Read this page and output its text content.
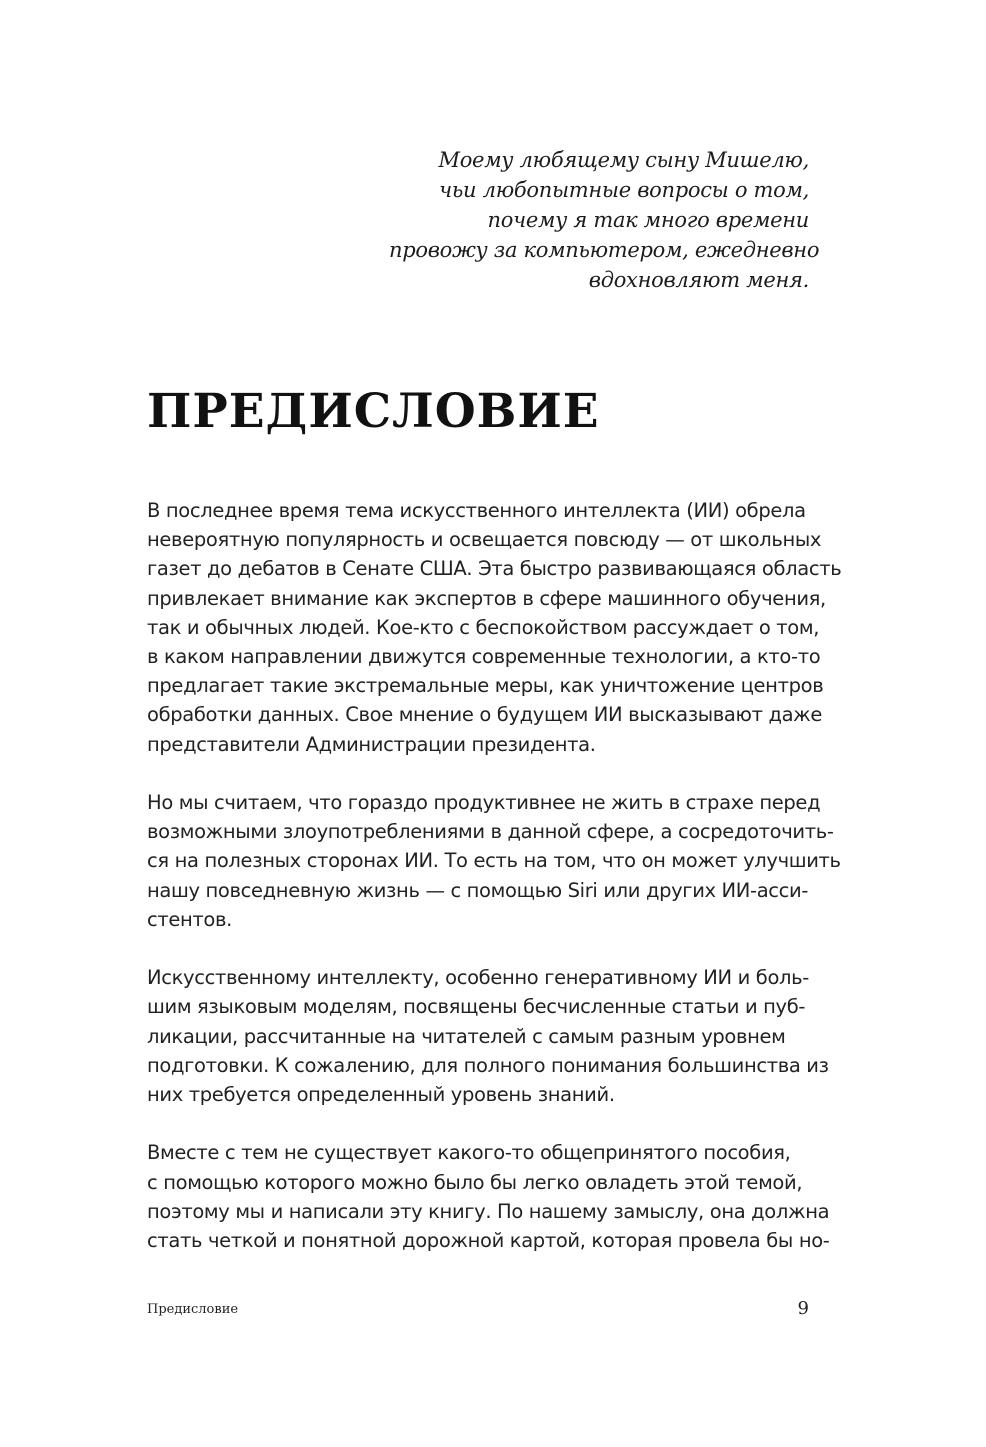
Моему любящему сыну Мишелю,
чьи любопытные вопросы о том,
почему я так много времени
провожу за компьютером, ежедневно
вдохновляют меня.
ПРЕДИСЛОВИЕ

В последнее время тема искусственного интеллекта (ИИ) обрела
невероятную популярность и освещается повсюду — от школьных
газет до дебатов в Сенате США. Эта быстро развивающаяся область
привлекает внимание как экспертов в сфере машинного обучения,
так и обычных людей. Кое-кто с беспокойством рассуждает о том,
в каком направлении движутся современные технологии, а кто-то
предлагает такие экстремальные меры, как уничтожение центров
обработки данных. Свое мнение о будущем ИИ высказывают даже
представители Администрации президента.

Но мы считаем, что гораздо продуктивнее не жить в страхе перед
возможными злоупотреблениями в данной сфере, а сосредоточить-
ся на полезных сторонах ИИ. То есть на том, что он может улучшить
нашу повседневную жизнь — с помощью Siri или других ИИ-асси-
стентов.

Искусственному интеллекту, особенно генеративному ИИ и боль-
шим языковым моделям, посвящены бесчисленные статьи и пуб-
ликации, рассчитанные на читателей с самым разным уровнем
подготовки. К сожалению, для полного понимания большинства из
них требуется определенный уровень знаний.

Вместе с тем не существует какого-то общепринятого пособия,
с помощью которого можно было бы легко овладеть этой темой,
поэтому мы и написали эту книгу. По нашему замыслу, она должна
стать четкой и понятной дорожной картой, которая провела бы но-

Предисловие	9
